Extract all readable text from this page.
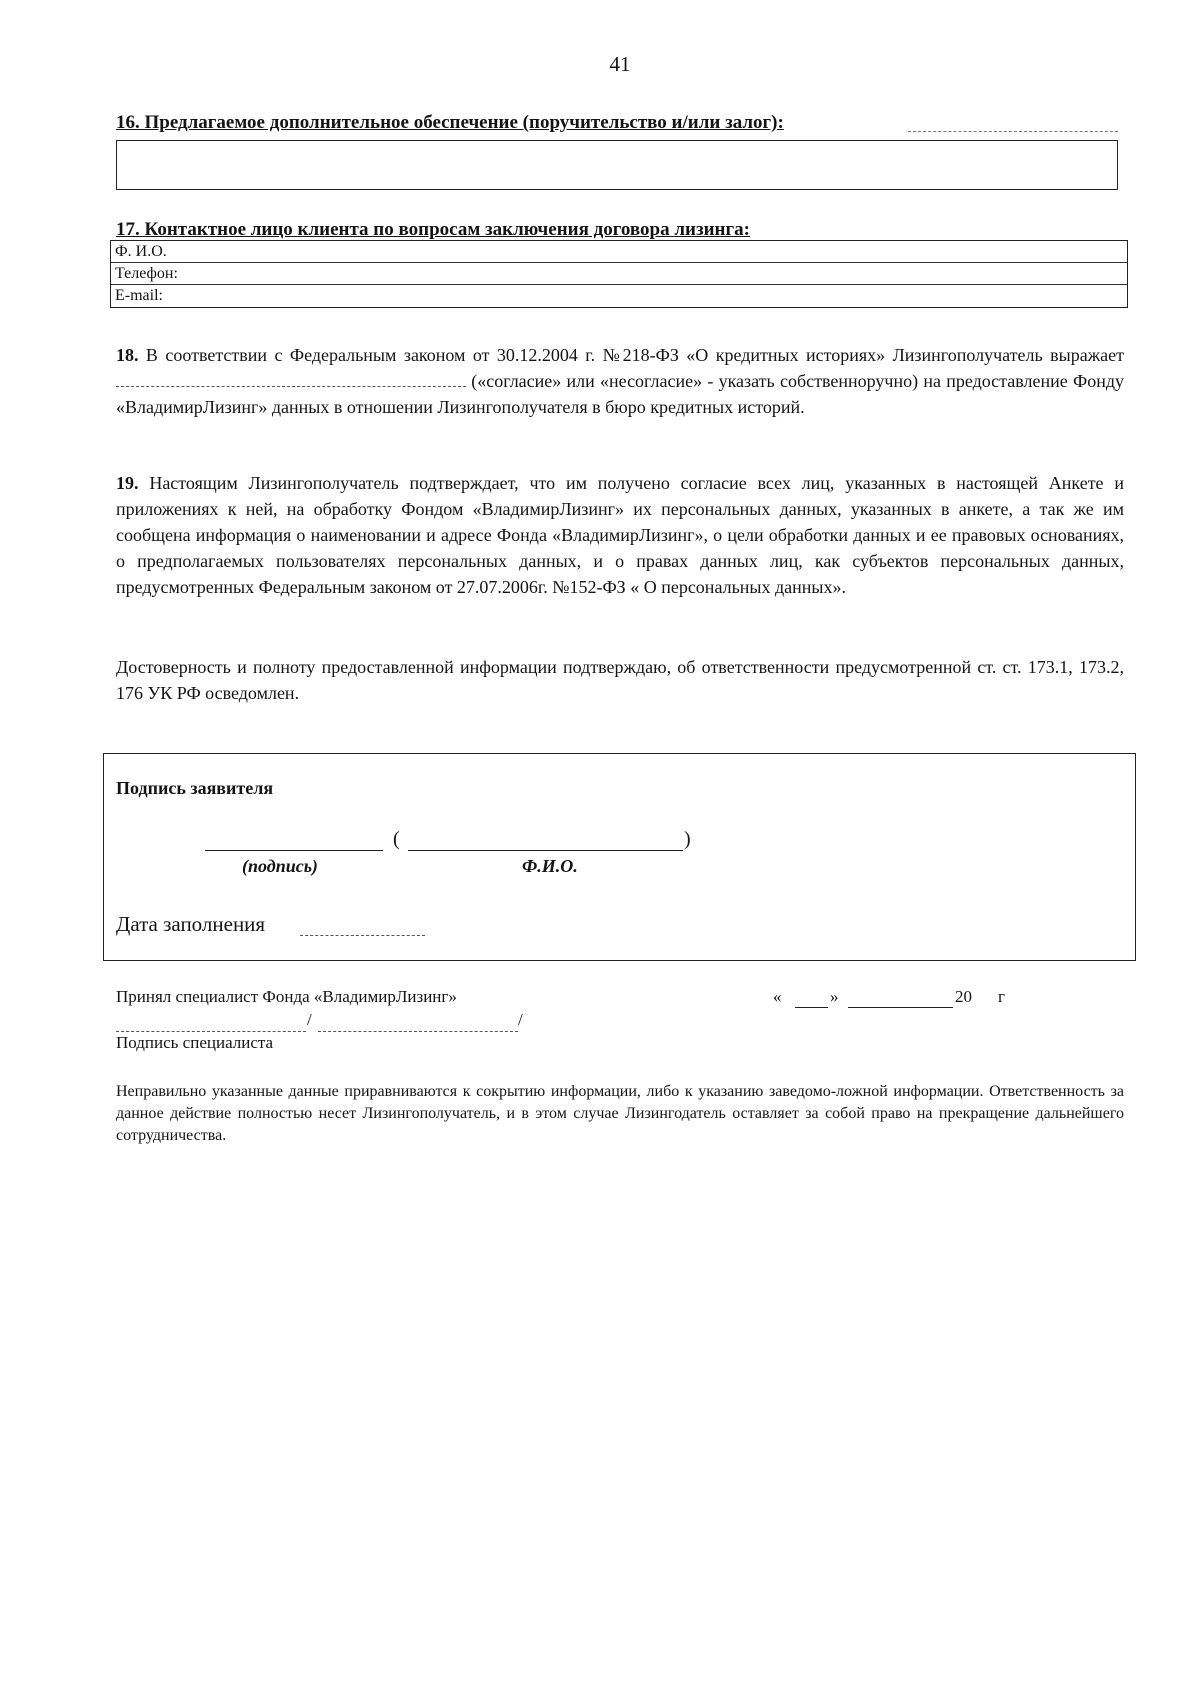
41
16. Предлагаемое дополнительное обеспечение (поручительство и/или залог):
17. Контактное лицо клиента по вопросам заключения договора лизинга:
Ф. И.О.
Телефон:
E-mail:
18. В соответствии с Федеральным законом от 30.12.2004 г. №218-ФЗ «О кредитных историях» Лизингополучатель выражает («согласие» или «несогласие» - указать собственноручно) на предоставление Фонду «ВладимирЛизинг» данных в отношении Лизингополучателя в бюро кредитных историй.
19. Настоящим Лизингополучатель подтверждает, что им получено согласие всех лиц, указанных в настоящей Анкете и приложениях к ней, на обработку Фондом «ВладимирЛизинг» их персональных данных, указанных в анкете, а так же им сообщена информация о наименовании и адресе Фонда «ВладимирЛизинг», о цели обработки данных и ее правовых основаниях, о предполагаемых пользователях персональных данных, и о правах данных лиц, как субъектов персональных данных, предусмотренных Федеральным законом от 27.07.2006г. №152-ФЗ « О персональных данных».
Достоверность и полноту предоставленной информации подтверждаю, об ответственности предусмотренной ст. ст. 173.1, 173.2, 176 УК РФ осведомлен.
Подпись заявителя
(	)
(подпись)	Ф.И.О.
Дата заполнения
Принял специалист Фонда «ВладимирЛизинг»	«	»	20 г
/	/
Подпись специалиста
Неправильно указанные данные приравниваются к сокрытию информации, либо к указанию заведомо-ложной информации. Ответственность за данное действие полностью несет Лизингополучатель, и в этом случае Лизингодатель оставляет за собой право на прекращение дальнейшего сотрудничества.
